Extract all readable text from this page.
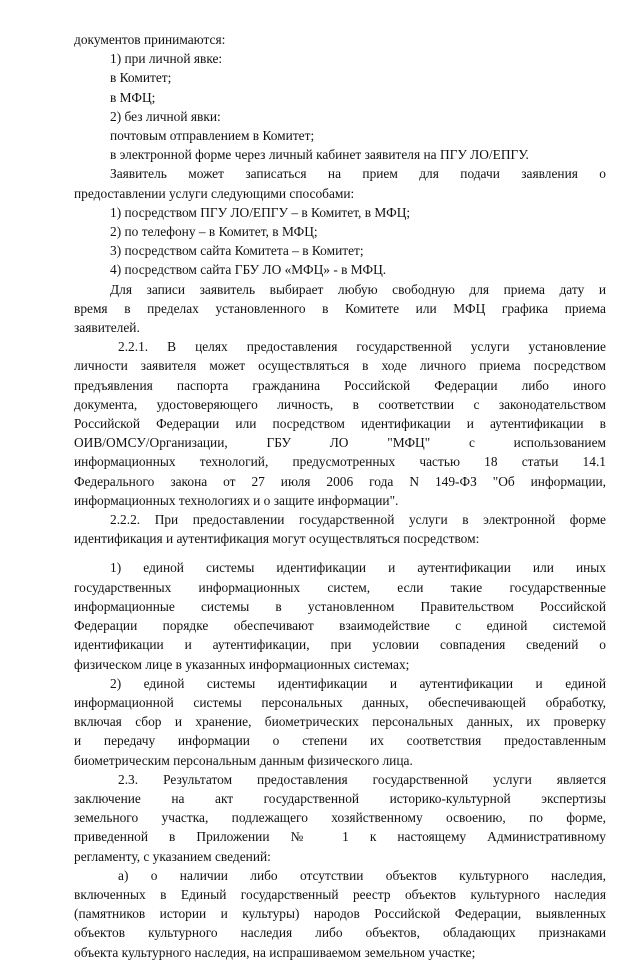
документов принимаются:
1) при личной явке:
в Комитет;
в МФЦ;
2) без личной явки:
почтовым отправлением в Комитет;
в электронной форме через личный кабинет заявителя на ПГУ ЛО/ЕПГУ.
Заявитель может записаться на прием для подачи заявления о
предоставлении услуги следующими способами:
1) посредством ПГУ ЛО/ЕПГУ – в Комитет, в МФЦ;
2) по телефону – в Комитет, в МФЦ;
3) посредством сайта Комитета – в Комитет;
4) посредством сайта ГБУ ЛО «МФЦ» - в МФЦ.
Для записи заявитель выбирает любую свободную для приема дату и
время в пределах установленного в Комитете или МФЦ графика приема
заявителей.
2.2.1. В целях предоставления государственной услуги установление
личности заявителя может осуществляться в ходе личного приема посредством
предъявления паспорта гражданина Российской Федерации либо иного
документа, удостоверяющего личность, в соответствии с законодательством
Российской Федерации или посредством идентификации и аутентификации в
ОИВ/ОМСУ/Организации, ГБУ ЛО "МФЦ" с использованием
информационных технологий, предусмотренных частью 18 статьи 14.1
Федерального закона от 27 июля 2006 года N 149-ФЗ "Об информации,
информационных технологиях и о защите информации".
2.2.2. При предоставлении государственной услуги в электронной форме
идентификация и аутентификация могут осуществляться посредством:
1) единой системы идентификации и аутентификации или иных
государственных информационных систем, если такие государственные
информационные системы в установленном Правительством Российской
Федерации порядке обеспечивают взаимодействие с единой системой
идентификации и аутентификации, при условии совпадения сведений о
физическом лице в указанных информационных системах;
2) единой системы идентификации и аутентификации и единой
информационной системы персональных данных, обеспечивающей обработку,
включая сбор и хранение, биометрических персональных данных, их проверку
и передачу информации о степени их соответствия предоставленным
биометрическим персональным данным физического лица.
2.3. Результатом предоставления государственной услуги является
заключение на акт государственной историко-культурной экспертизы
земельного участка, подлежащего хозяйственному освоению, по форме,
приведенной в Приложении № 1 к настоящему Административному
регламенту, с указанием сведений:
а) о наличии либо отсутствии объектов культурного наследия,
включенных в Единый государственный реестр объектов культурного наследия
(памятников истории и культуры) народов Российской Федерации, выявленных
объектов культурного наследия либо объектов, обладающих признаками
объекта культурного наследия, на испрашиваемом земельном участке;
